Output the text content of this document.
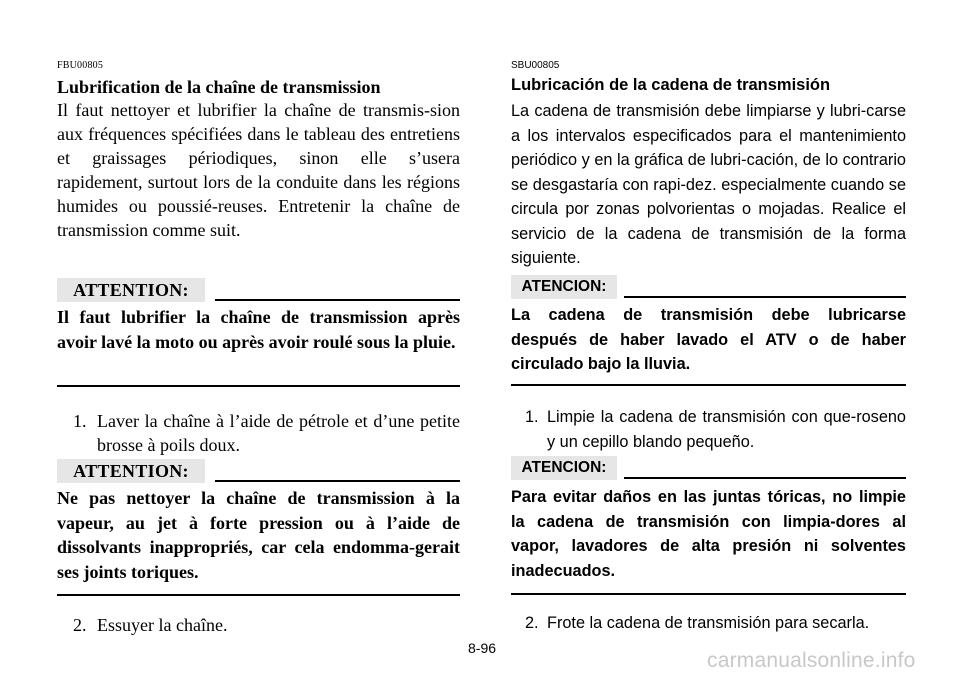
FBU00805
Lubrification de la chaîne de transmission
Il faut nettoyer et lubrifier la chaîne de transmis-sion aux fréquences spécifiées dans le tableau des entretiens et graissages périodiques, sinon elle s’usera rapidement, surtout lors de la conduite dans les régions humides ou poussié-reuses. Entretenir la chaîne de transmission comme suit.
ATTENTION:
Il faut lubrifier la chaîne de transmission après avoir lavé la moto ou après avoir roulé sous la pluie.
1. Laver la chaîne à l’aide de pétrole et d’une petite brosse à poils doux.
ATTENTION:
Ne pas nettoyer la chaîne de transmission à la vapeur, au jet à forte pression ou à l’aide de dissolvants inappropriés, car cela endomma-gerait ses joints toriques.
2. Essuyer la chaîne.
SBU00805
Lubricación de la cadena de transmisión
La cadena de transmisión debe limpiarse y lubri-carse a los intervalos especificados para el mantenimiento periódico y en la gráfica de lubri-cación, de lo contrario se desgastaría con rapi-dez. especialmente cuando se circula por zonas polvorientas o mojadas. Realice el servicio de la cadena de transmisión de la forma siguiente.
ATENCION:
La cadena de transmisión debe lubricarse después de haber lavado el ATV o de haber circulado bajo la lluvia.
1. Limpie la cadena de transmisión con que-roseno y un cepillo blando pequeño.
ATENCION:
Para evitar daños en las juntas tóricas, no limpie la cadena de transmisión con limpia-dores al vapor, lavadores de alta presión ni solventes inadecuados.
2. Frote la cadena de transmisión para secarla.
8-96
carmanualsonline.info
